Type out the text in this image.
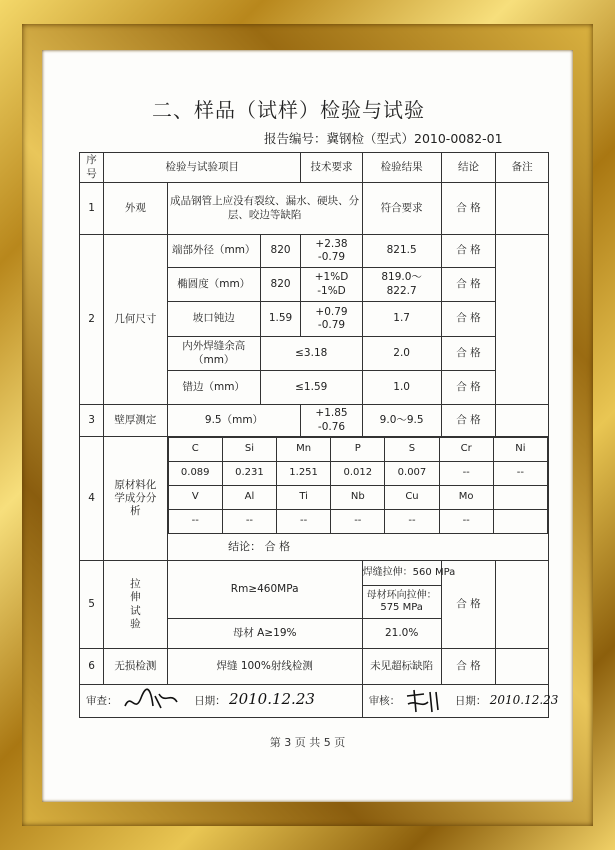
二、样品（试样）检验与试验
报告编号：冀钢检（型式）2010-0082-01
序号	检验与试验项目	技术要求	检验结果	结论	备注
1	外观	成品钢管上应没有裂纹、漏水、硬块、分层、咬边等缺陷	符合要求	合 格	
2	几何尺寸	端部外径（mm）	820	+2.38
-0.79	821.5	合 格	
椭圆度（mm）	820	+1%D
-1%D	819.0～
822.7	合 格
坡口钝边	1.59	+0.79
-0.79	1.7	合 格
内外焊缝余高（mm）	≤3.18	2.0	合 格
错边（mm）	≤1.59	1.0	合 格
3	壁厚测定	9.5（mm）	+1.85
-0.76	9.0～9.5	合 格	
4	原材料化学成分分析	
C	Si	Mn	P	S	Cr	Ni
0.089	0.231	1.251	0.012	0.007	--	--
V	Al	Ti	Nb	Cu	Mo	
--	--	--	--	--	--	
结论： 合 格

5	拉伸试验	Rm≥460MPa	
焊缝拉伸：560 MPa
母材环向拉伸：575 MPa	合 格	
母材 A≥19%	21.0%
6	无损检测	焊缝 100%射线检测	未见超标缺陷	合 格	
审查：	日期： 2010.12.23	审核：	日期： 2010.12.23
第 3 页 共 5 页
